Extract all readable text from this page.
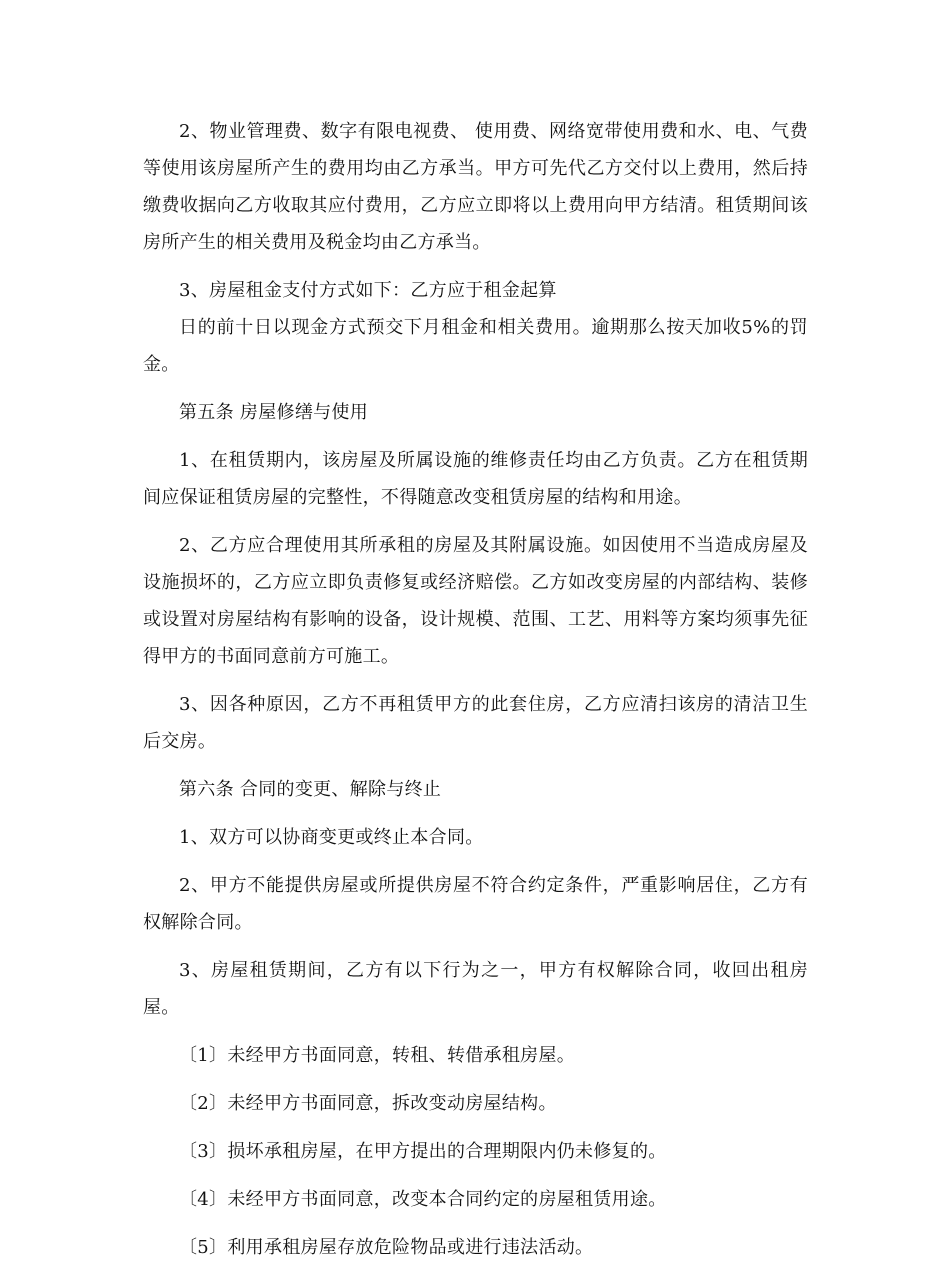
2、物业管理费、数字有限电视费、 使用费、网络宽带使用费和水、电、气费等使用该房屋所产生的费用均由乙方承当。甲方可先代乙方交付以上费用，然后持缴费收据向乙方收取其应付费用，乙方应立即将以上费用向甲方结清。租赁期间该房所产生的相关费用及税金均由乙方承当。

3、房屋租金支付方式如下：乙方应于租金起算

日的前十日以现金方式预交下月租金和相关费用。逾期那么按天加收5%的罚金。

第五条 房屋修缮与使用

1、在租赁期内，该房屋及所属设施的维修责任均由乙方负责。乙方在租赁期间应保证租赁房屋的完整性，不得随意改变租赁房屋的结构和用途。

2、乙方应合理使用其所承租的房屋及其附属设施。如因使用不当造成房屋及设施损坏的，乙方应立即负责修复或经济赔偿。乙方如改变房屋的内部结构、装修或设置对房屋结构有影响的设备，设计规模、范围、工艺、用料等方案均须事先征得甲方的书面同意前方可施工。

3、因各种原因，乙方不再租赁甲方的此套住房，乙方应清扫该房的清洁卫生后交房。

第六条 合同的变更、解除与终止

1、双方可以协商变更或终止本合同。

2、甲方不能提供房屋或所提供房屋不符合约定条件，严重影响居住，乙方有权解除合同。

3、房屋租赁期间，乙方有以下行为之一，甲方有权解除合同，收回出租房屋。

〔1〕未经甲方书面同意，转租、转借承租房屋。

〔2〕未经甲方书面同意，拆改变动房屋结构。

〔3〕损坏承租房屋，在甲方提出的合理期限内仍未修复的。

〔4〕未经甲方书面同意，改变本合同约定的房屋租赁用途。

〔5〕利用承租房屋存放危险物品或进行违法活动。
